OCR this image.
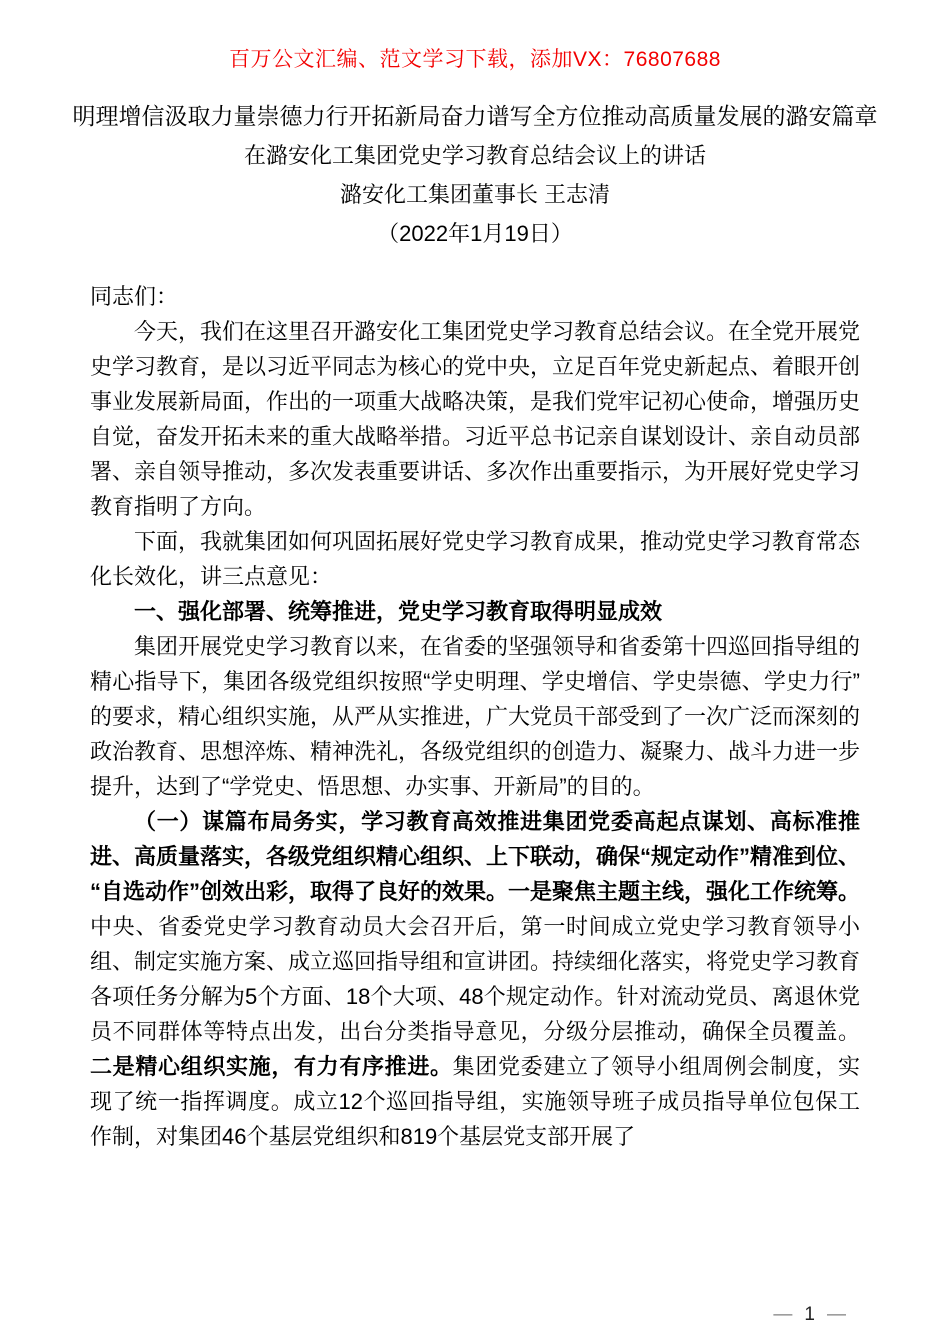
百万公文汇编、范文学习下载，添加VX：76807688
明理增信汲取力量崇德力行开拓新局奋力谱写全方位推动高质量发展的潞安篇章
在潞安化工集团党史学习教育总结会议上的讲话
潞安化工集团董事长 王志清
（2022年1月19日）

同志们：

今天，我们在这里召开潞安化工集团党史学习教育总结会议。在全党开展党史学习教育，是以习近平同志为核心的党中央，立足百年党史新起点、着眼开创事业发展新局面，作出的一项重大战略决策，是我们党牢记初心使命，增强历史自觉，奋发开拓未来的重大战略举措。习近平总书记亲自谋划设计、亲自动员部署、亲自领导推动，多次发表重要讲话、多次作出重要指示，为开展好党史学习教育指明了方向。

下面，我就集团如何巩固拓展好党史学习教育成果，推动党史学习教育常态化长效化，讲三点意见：

一、强化部署、统筹推进，党史学习教育取得明显成效

集团开展党史学习教育以来，在省委的坚强领导和省委第十四巡回指导组的精心指导下，集团各级党组织按照“学史明理、学史增信、学史崇德、学史力行”的要求，精心组织实施，从严从实推进，广大党员干部受到了一次广泛而深刻的政治教育、思想淬炼、精神洗礼，各级党组织的创造力、凝聚力、战斗力进一步提升，达到了“学党史、悟思想、办实事、开新局”的目的。

（一）谋篇布局务实，学习教育高效推进集团党委高起点谋划、高标准推进、高质量落实，各级党组织精心组织、上下联动，确保“规定动作”精准到位、“自选动作”创效出彩，取得了良好的效果。一是聚焦主题主线，强化工作统筹。中央、省委党史学习教育动员大会召开后，第一时间成立党史学习教育领导小组、制定实施方案、成立巡回指导组和宣讲团。持续细化落实，将党史学习教育各项任务分解为5个方面、18个大项、48个规定动作。针对流动党员、离退休党员不同群体等特点出发，出台分类指导意见，分级分层推动，确保全员覆盖。二是精心组织实施，有力有序推进。集团党委建立了领导小组周例会制度，实现了统一指挥调度。成立12个巡回指导组，实施领导班子成员指导单位包保工作制，对集团46个基层党组织和819个基层党支部开展了

— 1 —
